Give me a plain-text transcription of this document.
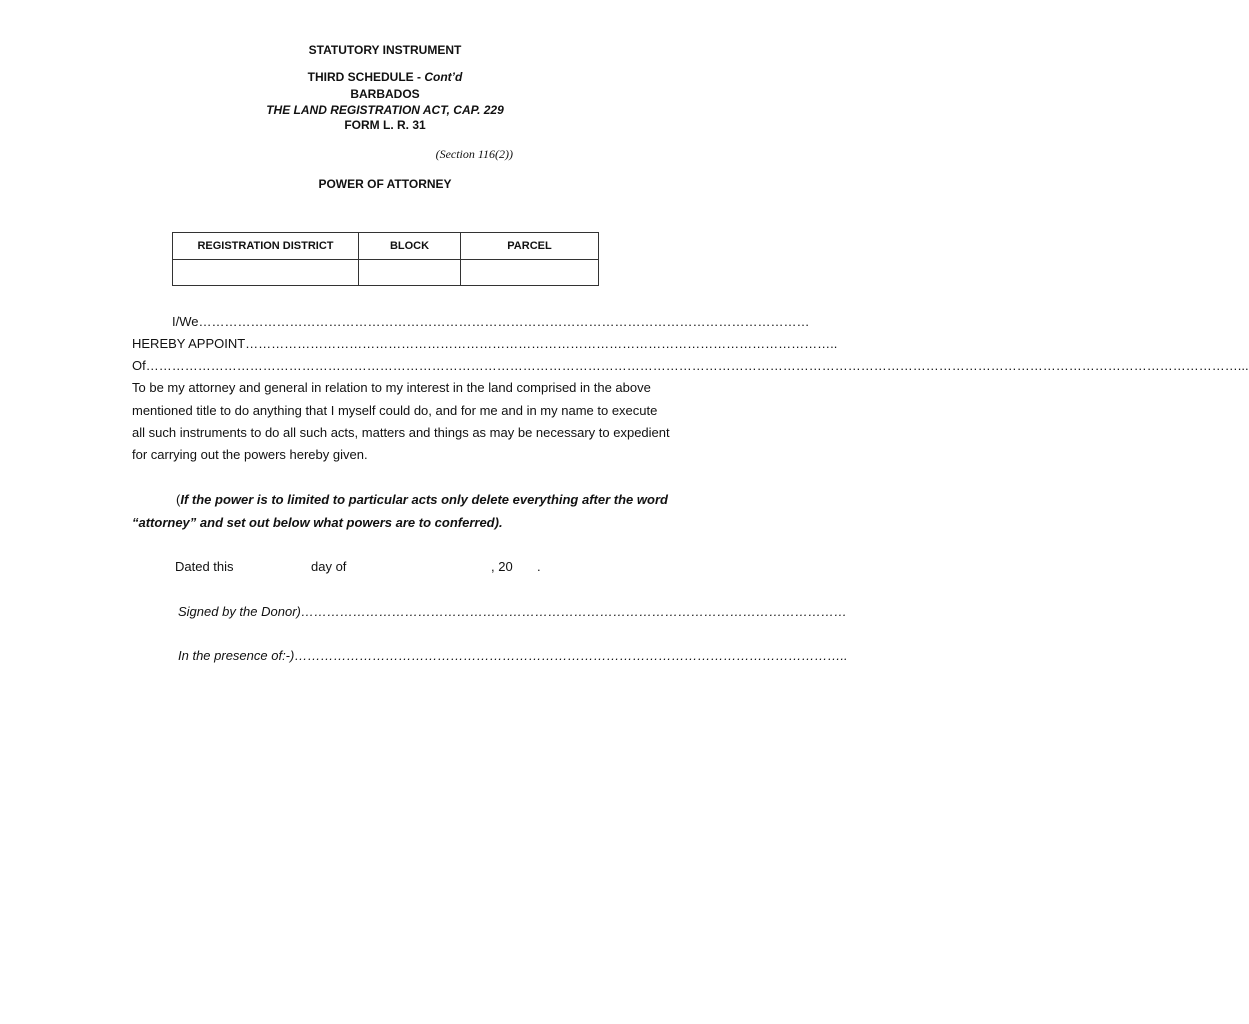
STATUTORY INSTRUMENT
THIRD SCHEDULE - Cont’d
BARBADOS
THE LAND REGISTRATION ACT, CAP. 229
FORM L. R. 31
(Section 116(2))
POWER OF ATTORNEY
REGISTRATION DISTRICT	BLOCK	PARCEL

I/We……………………………………………………………………………………………………………………………
HEREBY APPOINT………………………………………………………………………………………………………………………..
Of………………………………………………………………………………………………………………………………………………………………………………………………………………………………...
To be my attorney and general in relation to my interest in the land comprised in the above
mentioned title to do anything that I myself could do, and for me and in my name to execute
all such instruments to do all such acts, matters and things as may be necessary to expedient
for carrying out the powers hereby given.
(If the power is to limited to particular acts only delete everything after the word
“attorney” and set out below what powers are to conferred).
Dated this	day of	, 20 .
Signed by the Donor)………………………………………………………………………………………………………………
In the presence of:-)………………………………………………………………………………………………………………..
